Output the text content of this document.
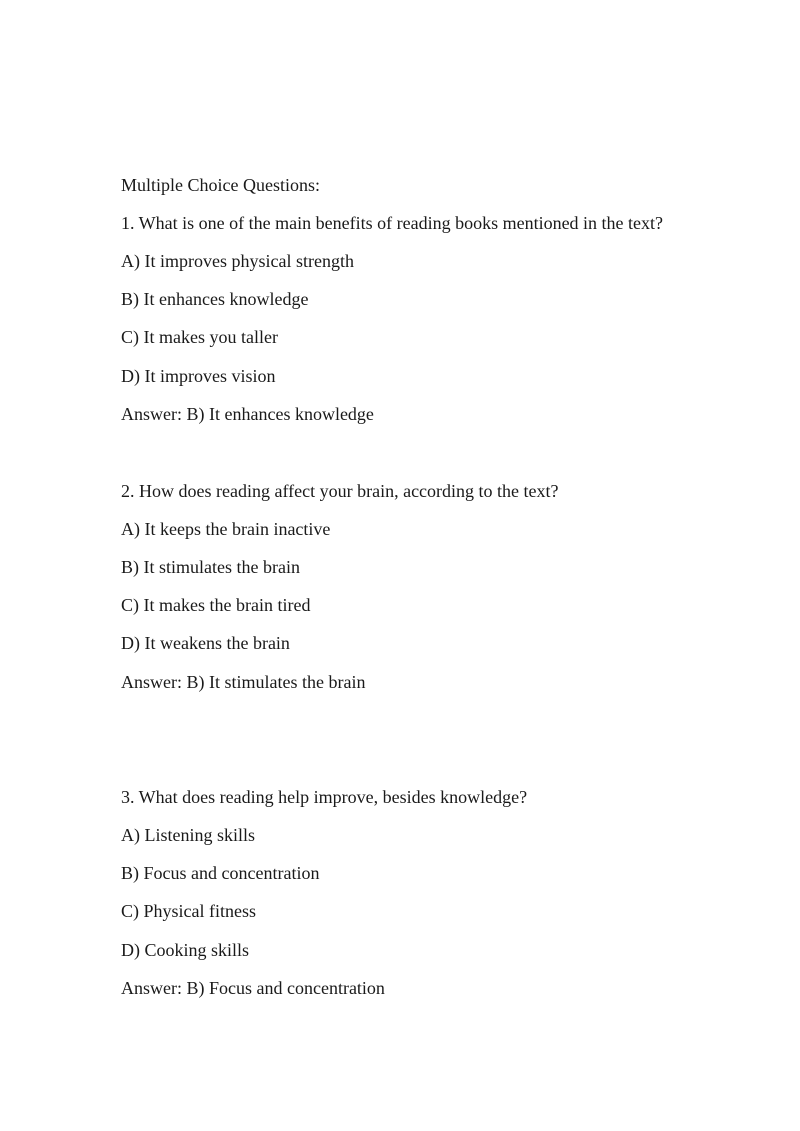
Multiple Choice Questions:

1. What is one of the main benefits of reading books mentioned in the text?

A) It improves physical strength

B) It enhances knowledge

C) It makes you taller

D) It improves vision

Answer: B) It enhances knowledge

2. How does reading affect your brain, according to the text?

A) It keeps the brain inactive

B) It stimulates the brain

C) It makes the brain tired

D) It weakens the brain

Answer: B) It stimulates the brain

3. What does reading help improve, besides knowledge?

A) Listening skills

B) Focus and concentration

C) Physical fitness

D) Cooking skills

Answer: B) Focus and concentration
